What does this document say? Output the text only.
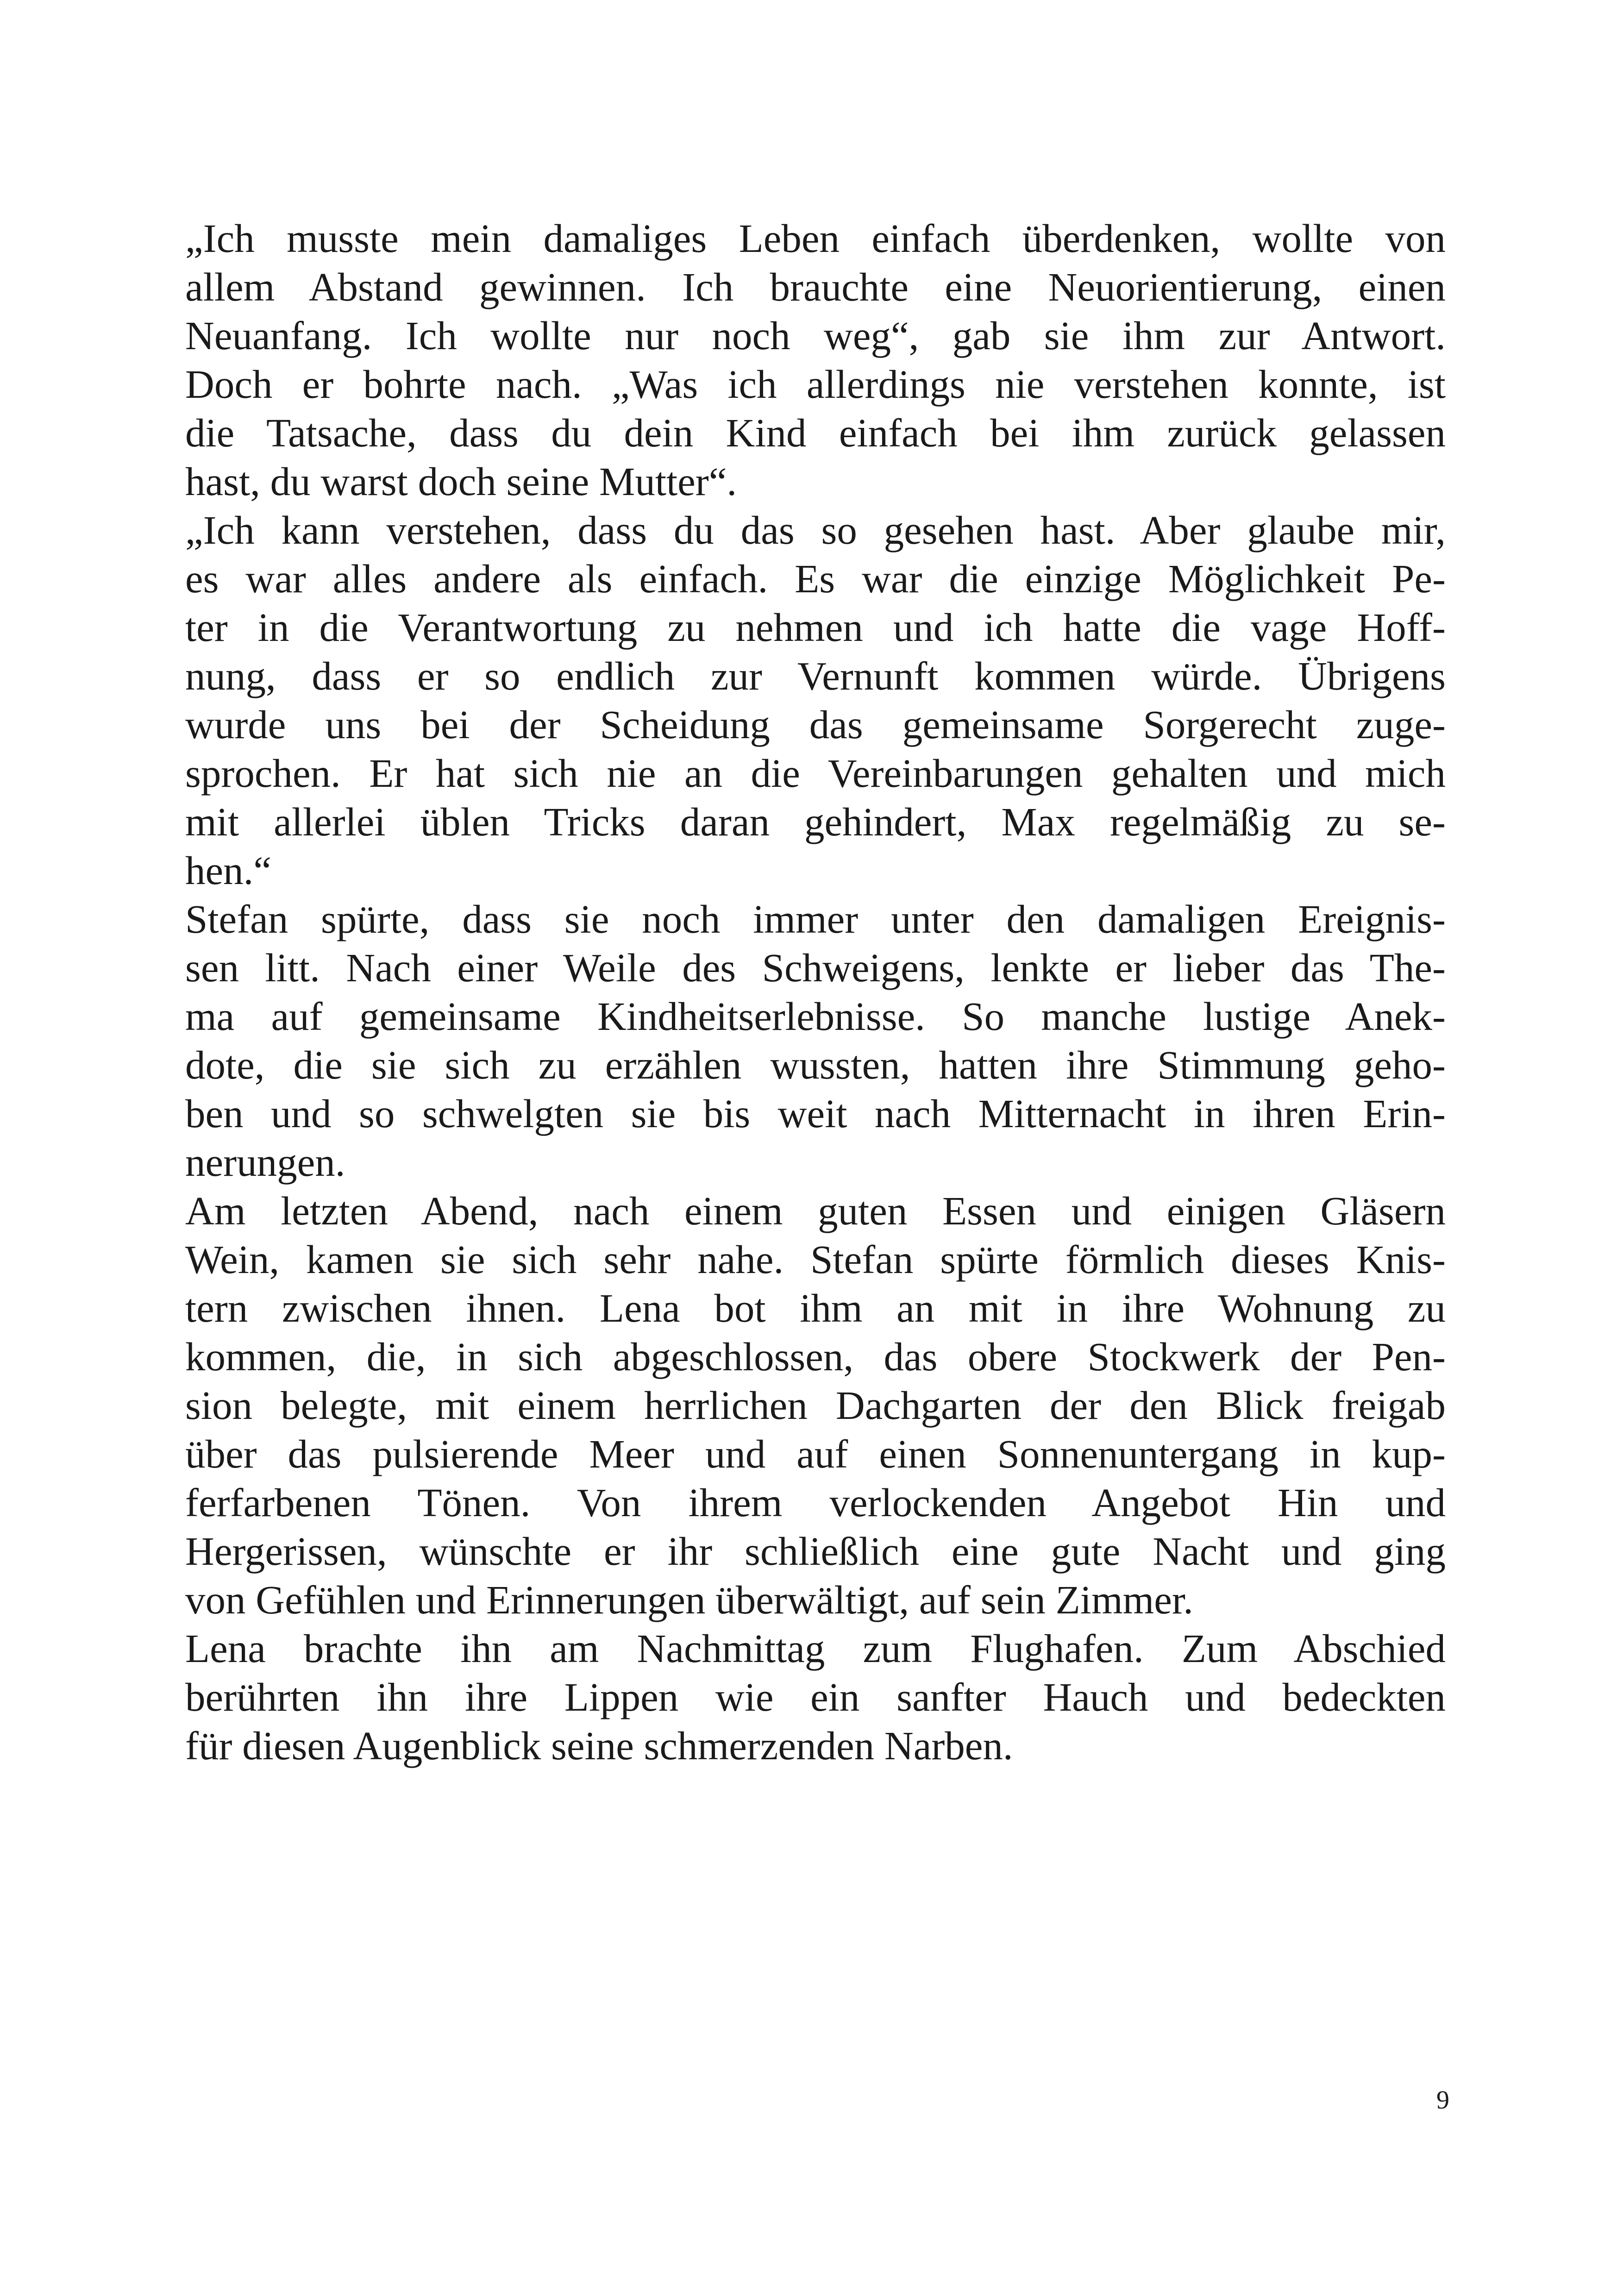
„Ich musste mein damaliges Leben einfach überdenken, wollte von
allem Abstand gewinnen. Ich brauchte eine Neuorientierung, einen
Neuanfang. Ich wollte nur noch weg“, gab sie ihm zur Antwort.
Doch er bohrte nach. „Was ich allerdings nie verstehen konnte, ist
die Tatsache, dass du dein Kind einfach bei ihm zurück gelassen
hast, du warst doch seine Mutter“.
„Ich kann verstehen, dass du das so gesehen hast. Aber glaube mir,
es war alles andere als einfach. Es war die einzige Möglichkeit Pe-
ter in die Verantwortung zu nehmen und ich hatte die vage Hoff-
nung, dass er so endlich zur Vernunft kommen würde. Übrigens
wurde uns bei der Scheidung das gemeinsame Sorgerecht zuge-
sprochen. Er hat sich nie an die Vereinbarungen gehalten und mich
mit allerlei üblen Tricks daran gehindert, Max regelmäßig zu se-
hen.“
Stefan spürte, dass sie noch immer unter den damaligen Ereignis-
sen litt. Nach einer Weile des Schweigens, lenkte er lieber das The-
ma auf gemeinsame Kindheitserlebnisse. So manche lustige Anek-
dote, die sie sich zu erzählen wussten, hatten ihre Stimmung geho-
ben und so schwelgten sie bis weit nach Mitternacht in ihren Erin-
nerungen.
Am letzten Abend, nach einem guten Essen und einigen Gläsern
Wein, kamen sie sich sehr nahe. Stefan spürte förmlich dieses Knis-
tern zwischen ihnen. Lena bot ihm an mit in ihre Wohnung zu
kommen, die, in sich abgeschlossen, das obere Stockwerk der Pen-
sion belegte, mit einem herrlichen Dachgarten der den Blick freigab
über das pulsierende Meer und auf einen Sonnenuntergang in kup-
ferfarbenen Tönen. Von ihrem verlockenden Angebot Hin und
Hergerissen, wünschte er ihr schließlich eine gute Nacht und ging
von Gefühlen und Erinnerungen überwältigt, auf sein Zimmer.
Lena brachte ihn am Nachmittag zum Flughafen. Zum Abschied
berührten ihn ihre Lippen wie ein sanfter Hauch und bedeckten
für diesen Augenblick seine schmerzenden Narben.
9
